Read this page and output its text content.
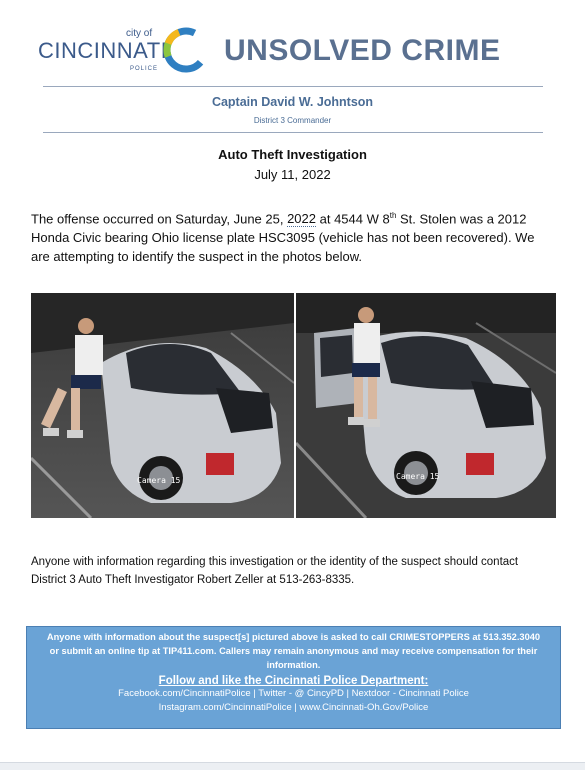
city of
CINCINNATI
POLICE
UNSOLVED CRIME
Captain David W. Johntson
District 3 Commander
Auto Theft Investigation
July 11, 2022
The offense occurred on Saturday, June 25, 2022 at 4544 W 8th St. Stolen was a 2012 Honda Civic bearing Ohio license plate HSC3095 (vehicle has not been recovered). We are attempting to identify the suspect in the photos below.
Camera 15	Camera 15
Anyone with information regarding this investigation or the identity of the suspect should contact District 3 Auto Theft Investigator Robert Zeller at 513-263-8335.
Anyone with information about the suspect[s] pictured above is asked to call CRIMESTOPPERS at 513.352.3040 or submit an online tip at TIP411.com. Callers may remain anonymous and may receive compensation for their information.
Follow and like the Cincinnati Police Department:
Facebook.com/CincinnatiPolice | Twitter - @ CincyPD | Nextdoor - Cincinnati Police
Instagram.com/CincinnatiPolice | www.Cincinnati-Oh.Gov/Police
